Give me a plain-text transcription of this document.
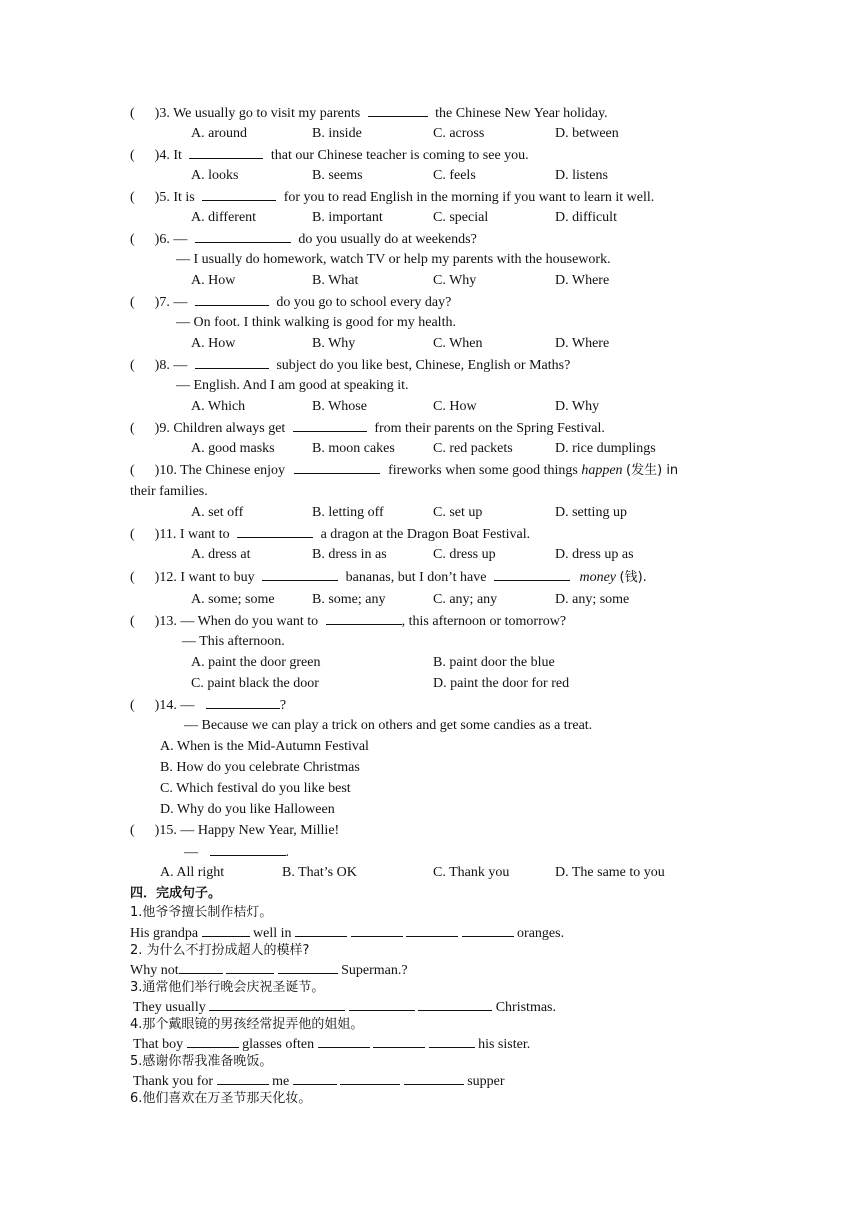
( )3. We usually go to visit my parents	the Chinese New Year holiday.
A. around	B. inside	C. across	D. between
( )4. It	that our Chinese teacher is coming to see you.
A. looks	B. seems	C. feels	D. listens
( )5. It is	for you to read English in the morning if you want to learn it well.
A. different	B. important	C. special	D. difficult
( )6. —	do you usually do at weekends?
— I usually do homework, watch TV or help my parents with the housework.
A. How	B. What	C. Why	D. Where
( )7. —	do you go to school every day?
— On foot. I think walking is good for my health.
A. How	B. Why	C. When	D. Where
( )8. —	subject do you like best, Chinese, English or Maths?
— English. And I am good at speaking it.
A. Which	B. Whose	C. How	D. Why
( )9. Children always get	from their parents on the Spring Festival.
A. good masks	B. moon cakes	C. red packets	D. rice dumplings
( )10. The Chinese enjoy	fireworks when some good things happen (发生) in
their families.
A. set off	B. letting off	C. set up	D. setting up
( )11. I want to	a dragon at the Dragon Boat Festival.
A. dress at	B. dress in as	C. dress up	D. dress up as
( )12. I want to buy	bananas, but I don’t have	money (钱).
A. some; some	B. some; any	C. any; any	D. any; some
( )13. — When do you want to	, this afternoon or tomorrow?
— This afternoon.
A. paint the door green	B. paint door the blue
C. paint black the door	D. paint the door for red
( )14. —	?
— Because we can play a trick on others and get some candies as a treat.
A. When is the Mid-Autumn Festival
B. How do you celebrate Christmas
C. Which festival do you like best
D. Why do you like Halloween
( )15. — Happy New Year, Millie!
—	.
A. All right	B. That’s OK	C. Thank you	D. The same to you
四．完成句子。
1.他爷爷擅长制作桔灯。
His grandpa	well in	oranges.
2. 为什么不打扮成超人的模样?
Why not	Superman.?
3.通常他们举行晚会庆祝圣诞节。
They usually	Christmas.
4.那个戴眼镜的男孩经常捉弄他的姐姐。
That boy	glasses often	his sister.
5.感谢你帮我准备晚饭。
Thank you for	me	supper
6.他们喜欢在万圣节那天化妆。
